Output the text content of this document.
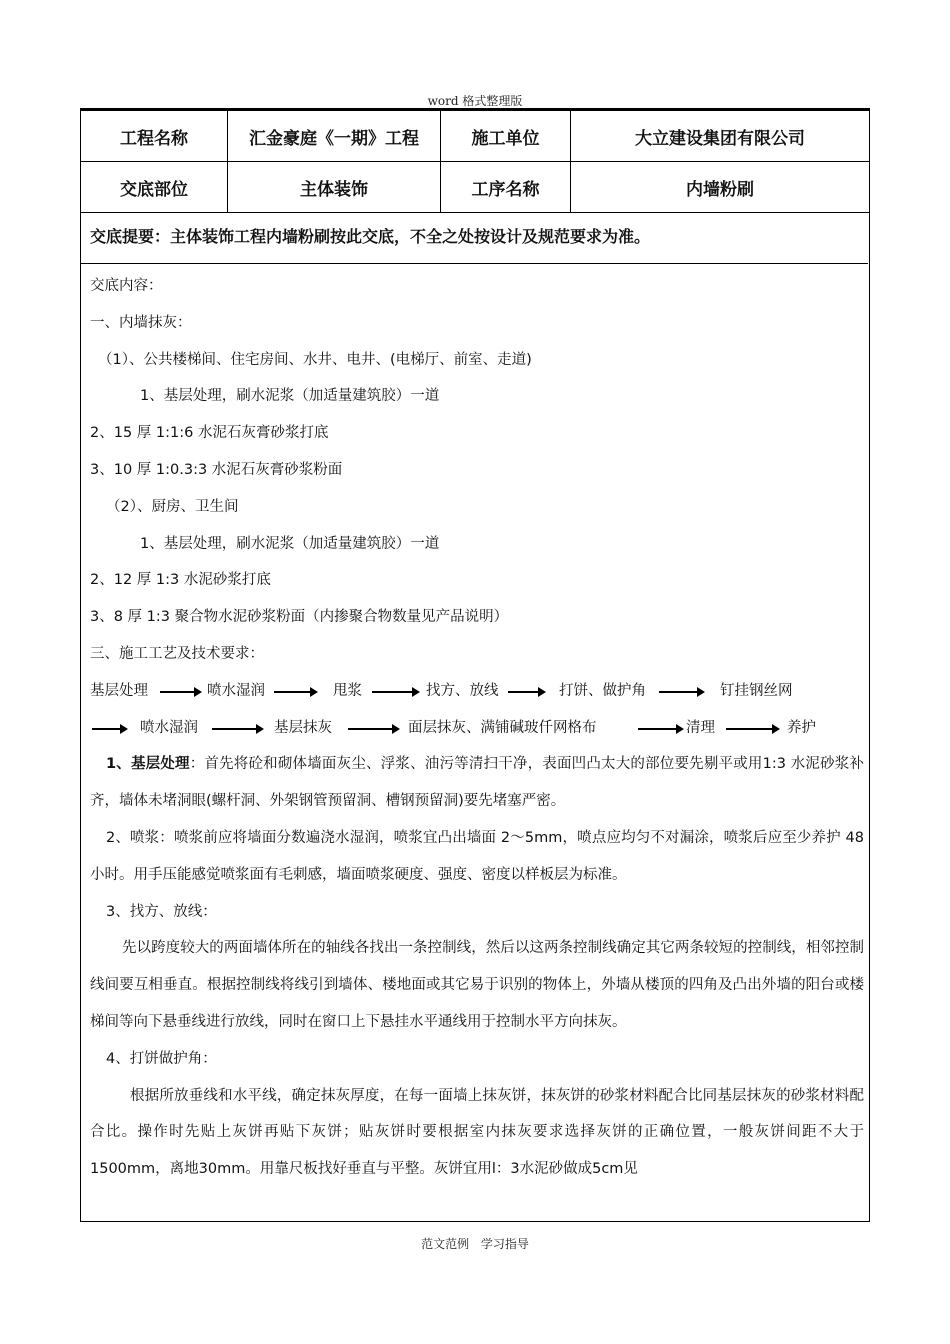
word 格式整理版
工程名称	汇金豪庭《一期》工程	施工单位	大立建设集团有限公司
交底部位	主体装饰	工序名称	内墙粉刷
交底提要：主体装饰工程内墙粉刷按此交底，不全之处按设计及规范要求为准。
交底内容：
一、内墙抹灰：
（1）、公共楼梯间、住宅房间、水井、电井、(电梯厅、前室、走道)
1、基层处理，刷水泥浆（加适量建筑胶）一道
2、15 厚 1:1:6 水泥石灰膏砂浆打底
3、10 厚 1:0.3:3 水泥石灰膏砂浆粉面
（2）、厨房、卫生间
1、基层处理，刷水泥浆（加适量建筑胶）一道
2、12 厚 1:3 水泥砂浆打底
3、8 厚 1:3 聚合物水泥砂浆粉面（内掺聚合物数量见产品说明）
三、施工工艺及技术要求：
基层处理	喷水湿润	甩浆	找方、放线	打饼、做护角	钉挂钢丝网
喷水湿润	基层抹灰	面层抹灰、满铺碱玻仟网格布	清理	养护
1、基层处理：首先将砼和砌体墙面灰尘、浮浆、油污等清扫干净，表面凹凸太大的部位要先剔平或用1:3 水泥砂浆补齐，墙体未堵洞眼(螺杆洞、外架钢管预留洞、槽钢预留洞)要先堵塞严密。
2、喷浆：喷浆前应将墙面分数遍浇水湿润，喷浆宜凸出墙面 2～5mm，喷点应均匀不对漏涂，喷浆后应至少养护 48 小时。用手压能感觉喷浆面有毛刺感，墙面喷浆硬度、强度、密度以样板层为标准。
3、找方、放线：
先以跨度较大的两面墙体所在的轴线各找出一条控制线，然后以这两条控制线确定其它两条较短的控制线，相邻控制线间要互相垂直。根据控制线将线引到墙体、楼地面或其它易于识别的物体上，外墙从楼顶的四角及凸出外墙的阳台或楼梯间等向下悬垂线进行放线，同时在窗口上下悬挂水平通线用于控制水平方向抹灰。
4、打饼做护角：
根据所放垂线和水平线，确定抹灰厚度，在每一面墙上抹灰饼，抹灰饼的砂浆材料配合比同基层抹灰的砂浆材料配合比。操作时先贴上灰饼再贴下灰饼；贴灰饼时要根据室内抹灰要求选择灰饼的正确位置，一般灰饼间距不大于1500mm，离地30mm。用靠尺板找好垂直与平整。灰饼宜用l：3水泥砂做成5cm见
范文范例 学习指导
